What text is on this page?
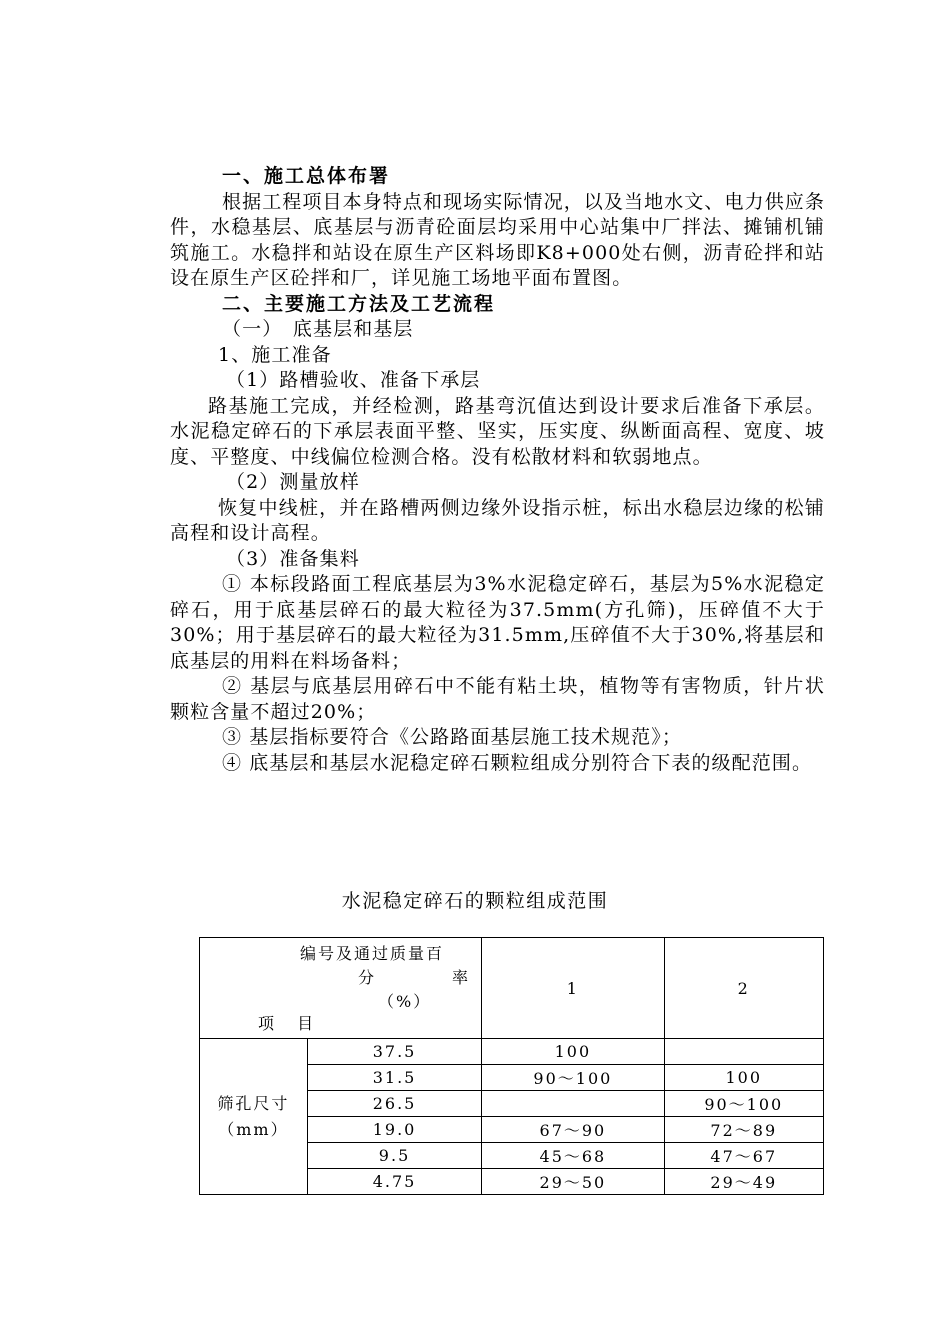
一、施工总体布署

根据工程项目本身特点和现场实际情况，以及当地水文、电力供应条件，水稳基层、底基层与沥青砼面层均采用中心站集中厂拌法、摊铺机铺筑施工。水稳拌和站设在原生产区料场即K8+000处右侧，沥青砼拌和站设在原生产区砼拌和厂，详见施工场地平面布置图。

二、主要施工方法及工艺流程

（一）　底基层和基层

1、施工准备

（1）路槽验收、准备下承层

路基施工完成，并经检测，路基弯沉值达到设计要求后准备下承层。水泥稳定碎石的下承层表面平整、坚实，压实度、纵断面高程、宽度、坡度、平整度、中线偏位检测合格。没有松散材料和软弱地点。

（2）测量放样

恢复中线桩，并在路槽两侧边缘外设指示桩，标出水稳层边缘的松铺高程和设计高程。

（3）准备集料

① 本标段路面工程底基层为3%水泥稳定碎石，基层为5%水泥稳定碎石，用于底基层碎石的最大粒径为37.5mm(方孔筛)，压碎值不大于30%；用于基层碎石的最大粒径为31.5mm,压碎值不大于30%,将基层和底基层的用料在料场备料；

② 基层与底基层用碎石中不能有粘土块，植物等有害物质，针片状颗粒含量不超过20%；

③ 基层指标要符合《公路路面基层施工技术规范》；

④ 底基层和基层水泥稳定碎石颗粒组成分别符合下表的级配范围。

水泥稳定碎石的颗粒组成范围
编号及通过质量百
分 率
（%）
项 目		1	2
筛孔尺寸
（mm）	37.5	100	
	31.5	90～100	100
	26.5		90～100
	19.0	67～90	72～89
	9.5	45～68	47～67
	4.75	29～50	29～49
